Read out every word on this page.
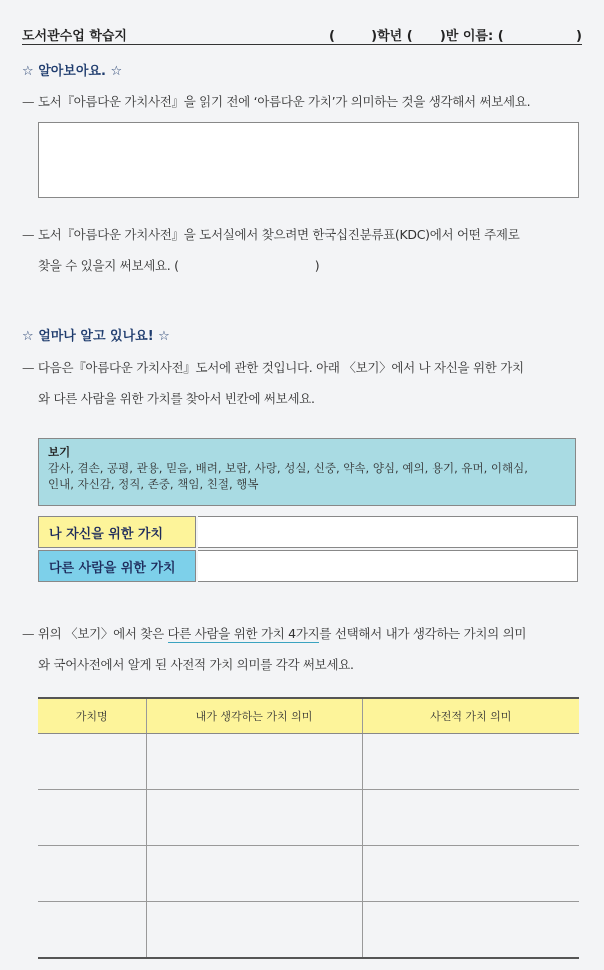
도서관수업 학습지	(        )학년 (      )반 이름: (                )
☆ 알아보아요. ☆
— 도서『아름다운 가치사전』을 읽기 전에 ‘아름다운 가치’가 의미하는 것을 생각해서 써보세요.
— 도서『아름다운 가치사전』을 도서실에서 찾으려면 한국십진분류표(KDC)에서 어떤 주제로
찾을 수 있을지 써보세요. (	)
☆ 얼마나 알고 있나요! ☆
— 다음은『아름다운 가치사전』도서에 관한 것입니다. 아래 〈보기〉에서 나 자신을 위한 가치
와 다른 사람을 위한 가치를 찾아서 빈칸에 써보세요.
보기
감사, 겸손, 공평, 관용, 믿음, 배려, 보람, 사랑, 성실, 신중, 약속, 양심, 예의, 용기, 유머, 이해심,
인내, 자신감, 정직, 존중, 책임, 친절, 행복
나 자신을 위한 가치
다른 사람을 위한 가치
— 위의 〈보기〉에서 찾은 다른 사람을 위한 가치 4가지를 선택해서 내가 생각하는 가치의 의미
와 국어사전에서 알게 된 사전적 가치 의미를 각각 써보세요.
가치명	내가 생각하는 가치 의미	사전적 가치 의미
